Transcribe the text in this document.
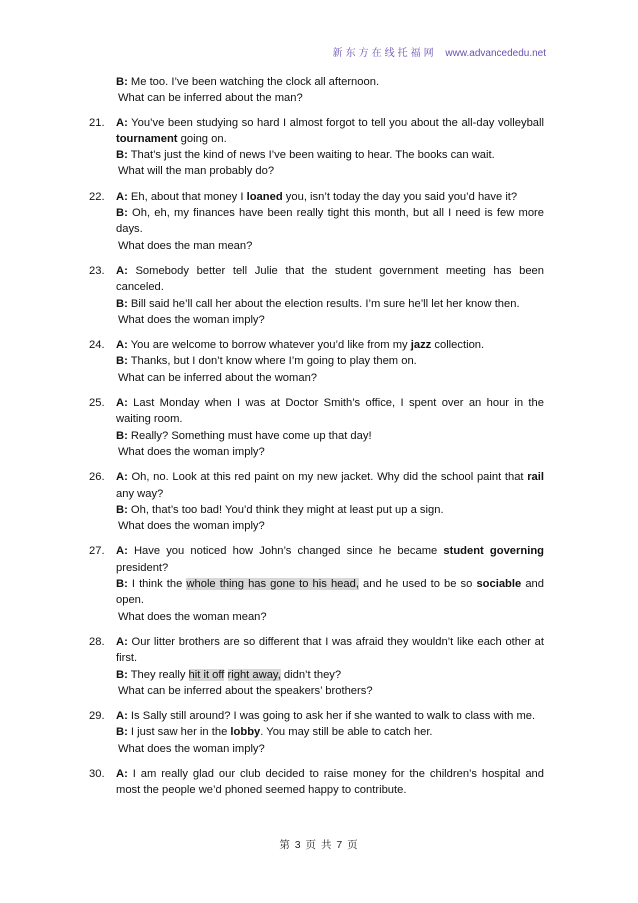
新东方在线托福网 www.advancededu.net
B: Me too. I’ve been watching the clock all afternoon.
What can be inferred about the man?
21. A: You’ve been studying so hard I almost forgot to tell you about the all-day volleyball tournament going on.
B: That’s just the kind of news I’ve been waiting to hear. The books can wait.
What will the man probably do?
22. A: Eh, about that money I loaned you, isn’t today the day you said you’d have it?
B: Oh, eh, my finances have been really tight this month, but all I need is few more days.
What does the man mean?
23. A: Somebody better tell Julie that the student government meeting has been canceled.
B: Bill said he’ll call her about the election results. I’m sure he’ll let her know then.
What does the woman imply?
24. A: You are welcome to borrow whatever you’d like from my jazz collection.
B: Thanks, but I don’t know where I’m going to play them on.
What can be inferred about the woman?
25. A: Last Monday when I was at Doctor Smith’s office, I spent over an hour in the waiting room.
B: Really? Something must have come up that day!
What does the woman imply?
26. A: Oh, no. Look at this red paint on my new jacket. Why did the school paint that rail any way?
B: Oh, that’s too bad! You’d think they might at least put up a sign.
What does the woman imply?
27. A: Have you noticed how John’s changed since he became student governing president?
B: I think the whole thing has gone to his head, and he used to be so sociable and open.
What does the woman mean?
28. A: Our litter brothers are so different that I was afraid they wouldn’t like each other at first.
B: They really hit it off right away, didn’t they?
What can be inferred about the speakers’ brothers?
29. A: Is Sally still around? I was going to ask her if she wanted to walk to class with me.
B: I just saw her in the lobby. You may still be able to catch her.
What does the woman imply?
30. A: I am really glad our club decided to raise money for the children’s hospital and most the people we’d phoned seemed happy to contribute.
第 3 页 共 7 页
